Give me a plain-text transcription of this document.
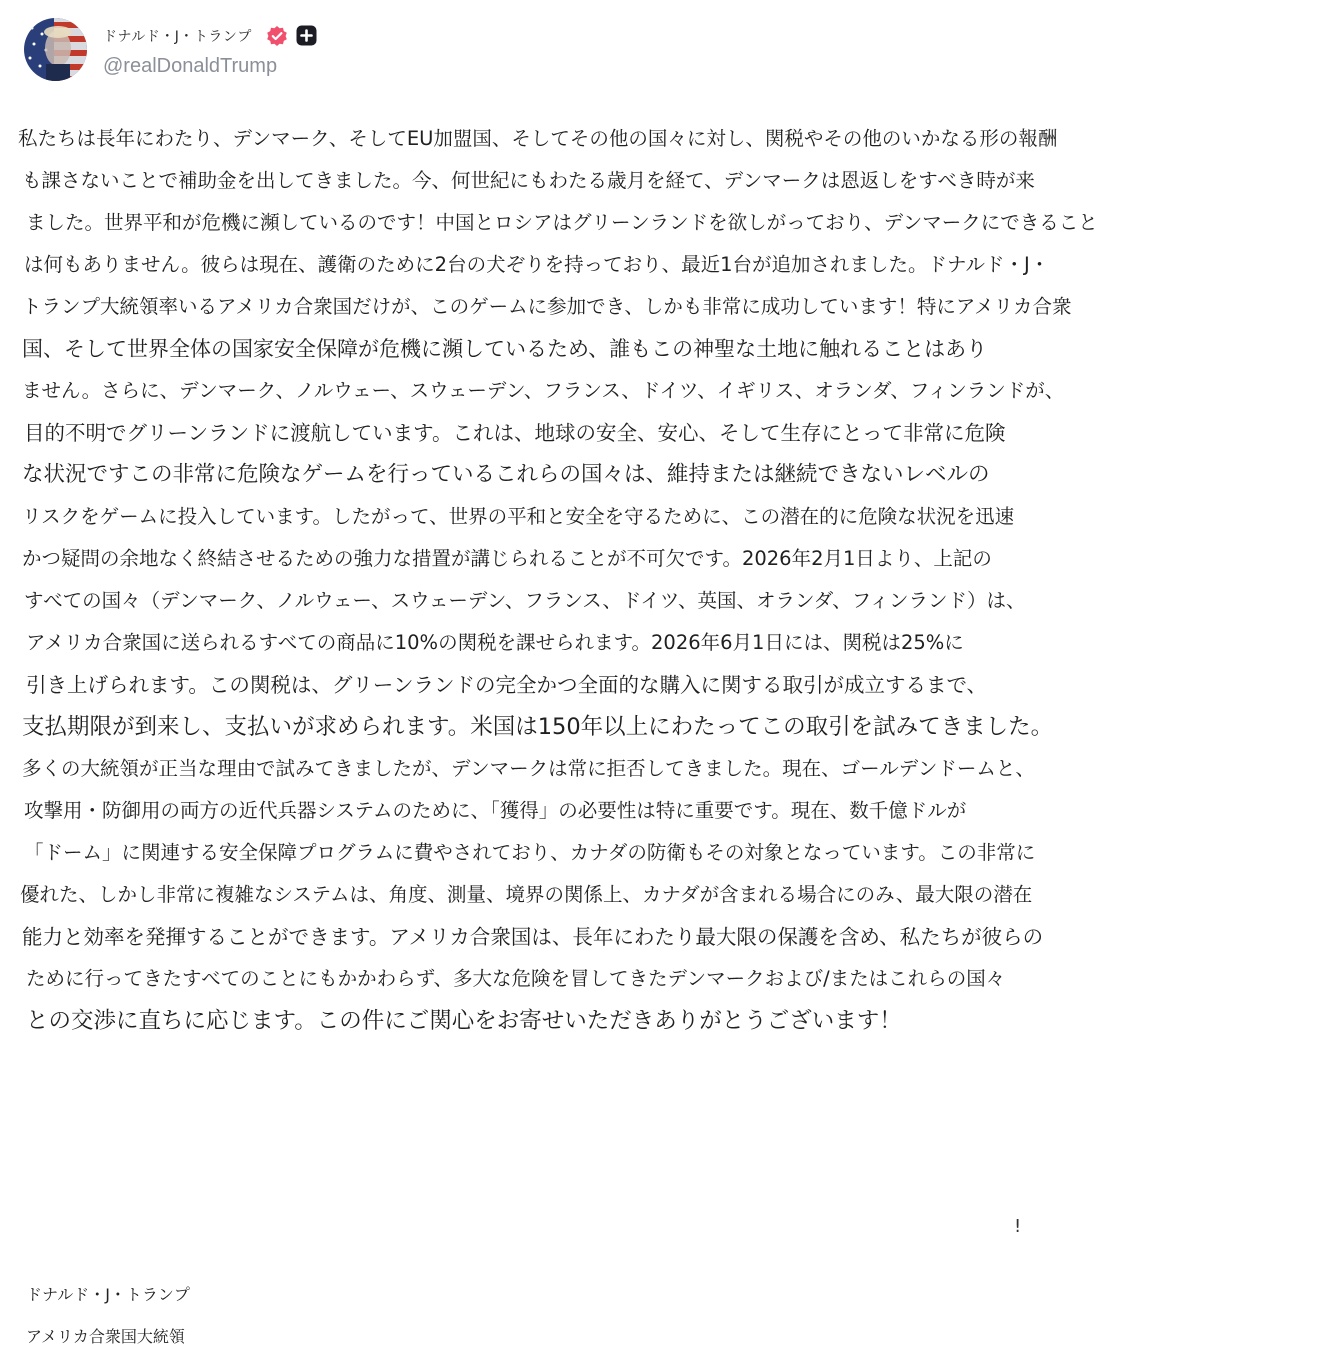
ドナルド・J・トランプ
@realDonaldTrump
私たちは長年にわたり、デンマーク、そしてEU加盟国、そしてその他の国々に対し、関税やその他のいかなる形の報酬
も課さないことで補助金を出してきました。今、何世紀にもわたる歳月を経て、デンマークは恩返しをすべき時が来
ました。世界平和が危機に瀕しているのです！中国とロシアはグリーンランドを欲しがっており、デンマークにできること
は何もありません。彼らは現在、護衛のために2台の犬ぞりを持っており、最近1台が追加されました。ドナルド・J・
トランプ大統領率いるアメリカ合衆国だけが、このゲームに参加でき、しかも非常に成功しています！特にアメリカ合衆
国、そして世界全体の国家安全保障が危機に瀕しているため、誰もこの神聖な土地に触れることはあり
ません。さらに、デンマーク、ノルウェー、スウェーデン、フランス、ドイツ、イギリス、オランダ、フィンランドが、
目的不明でグリーンランドに渡航しています。これは、地球の安全、安心、そして生存にとって非常に危険
な状況ですこの非常に危険なゲームを行っているこれらの国々は、維持または継続できないレベルの
リスクをゲームに投入しています。したがって、世界の平和と安全を守るために、この潜在的に危険な状況を迅速
かつ疑問の余地なく終結させるための強力な措置が講じられることが不可欠です。2026年2月1日より、上記の
すべての国々（デンマーク、ノルウェー、スウェーデン、フランス、ドイツ、英国、オランダ、フィンランド）は、
アメリカ合衆国に送られるすべての商品に10%の関税を課せられます。2026年6月1日には、関税は25%に
引き上げられます。この関税は、グリーンランドの完全かつ全面的な購入に関する取引が成立するまで、
支払期限が到来し、支払いが求められます。米国は150年以上にわたってこの取引を試みてきました。
多くの大統領が正当な理由で試みてきましたが、デンマークは常に拒否してきました。現在、ゴールデンドームと、
攻撃用・防御用の両方の近代兵器システムのために、「獲得」の必要性は特に重要です。現在、数千億ドルが
「ドーム」に関連する安全保障プログラムに費やされており、カナダの防衛もその対象となっています。この非常に
優れた、しかし非常に複雑なシステムは、角度、測量、境界の関係上、カナダが含まれる場合にのみ、最大限の潜在
能力と効率を発揮することができます。アメリカ合衆国は、長年にわたり最大限の保護を含め、私たちが彼らの
ために行ってきたすべてのことにもかかわらず、多大な危険を冒してきたデンマークおよび/またはこれらの国々
との交渉に直ちに応じます。この件にご関心をお寄せいただきありがとうございます！
!
ドナルド・J・トランプ
アメリカ合衆国大統領
